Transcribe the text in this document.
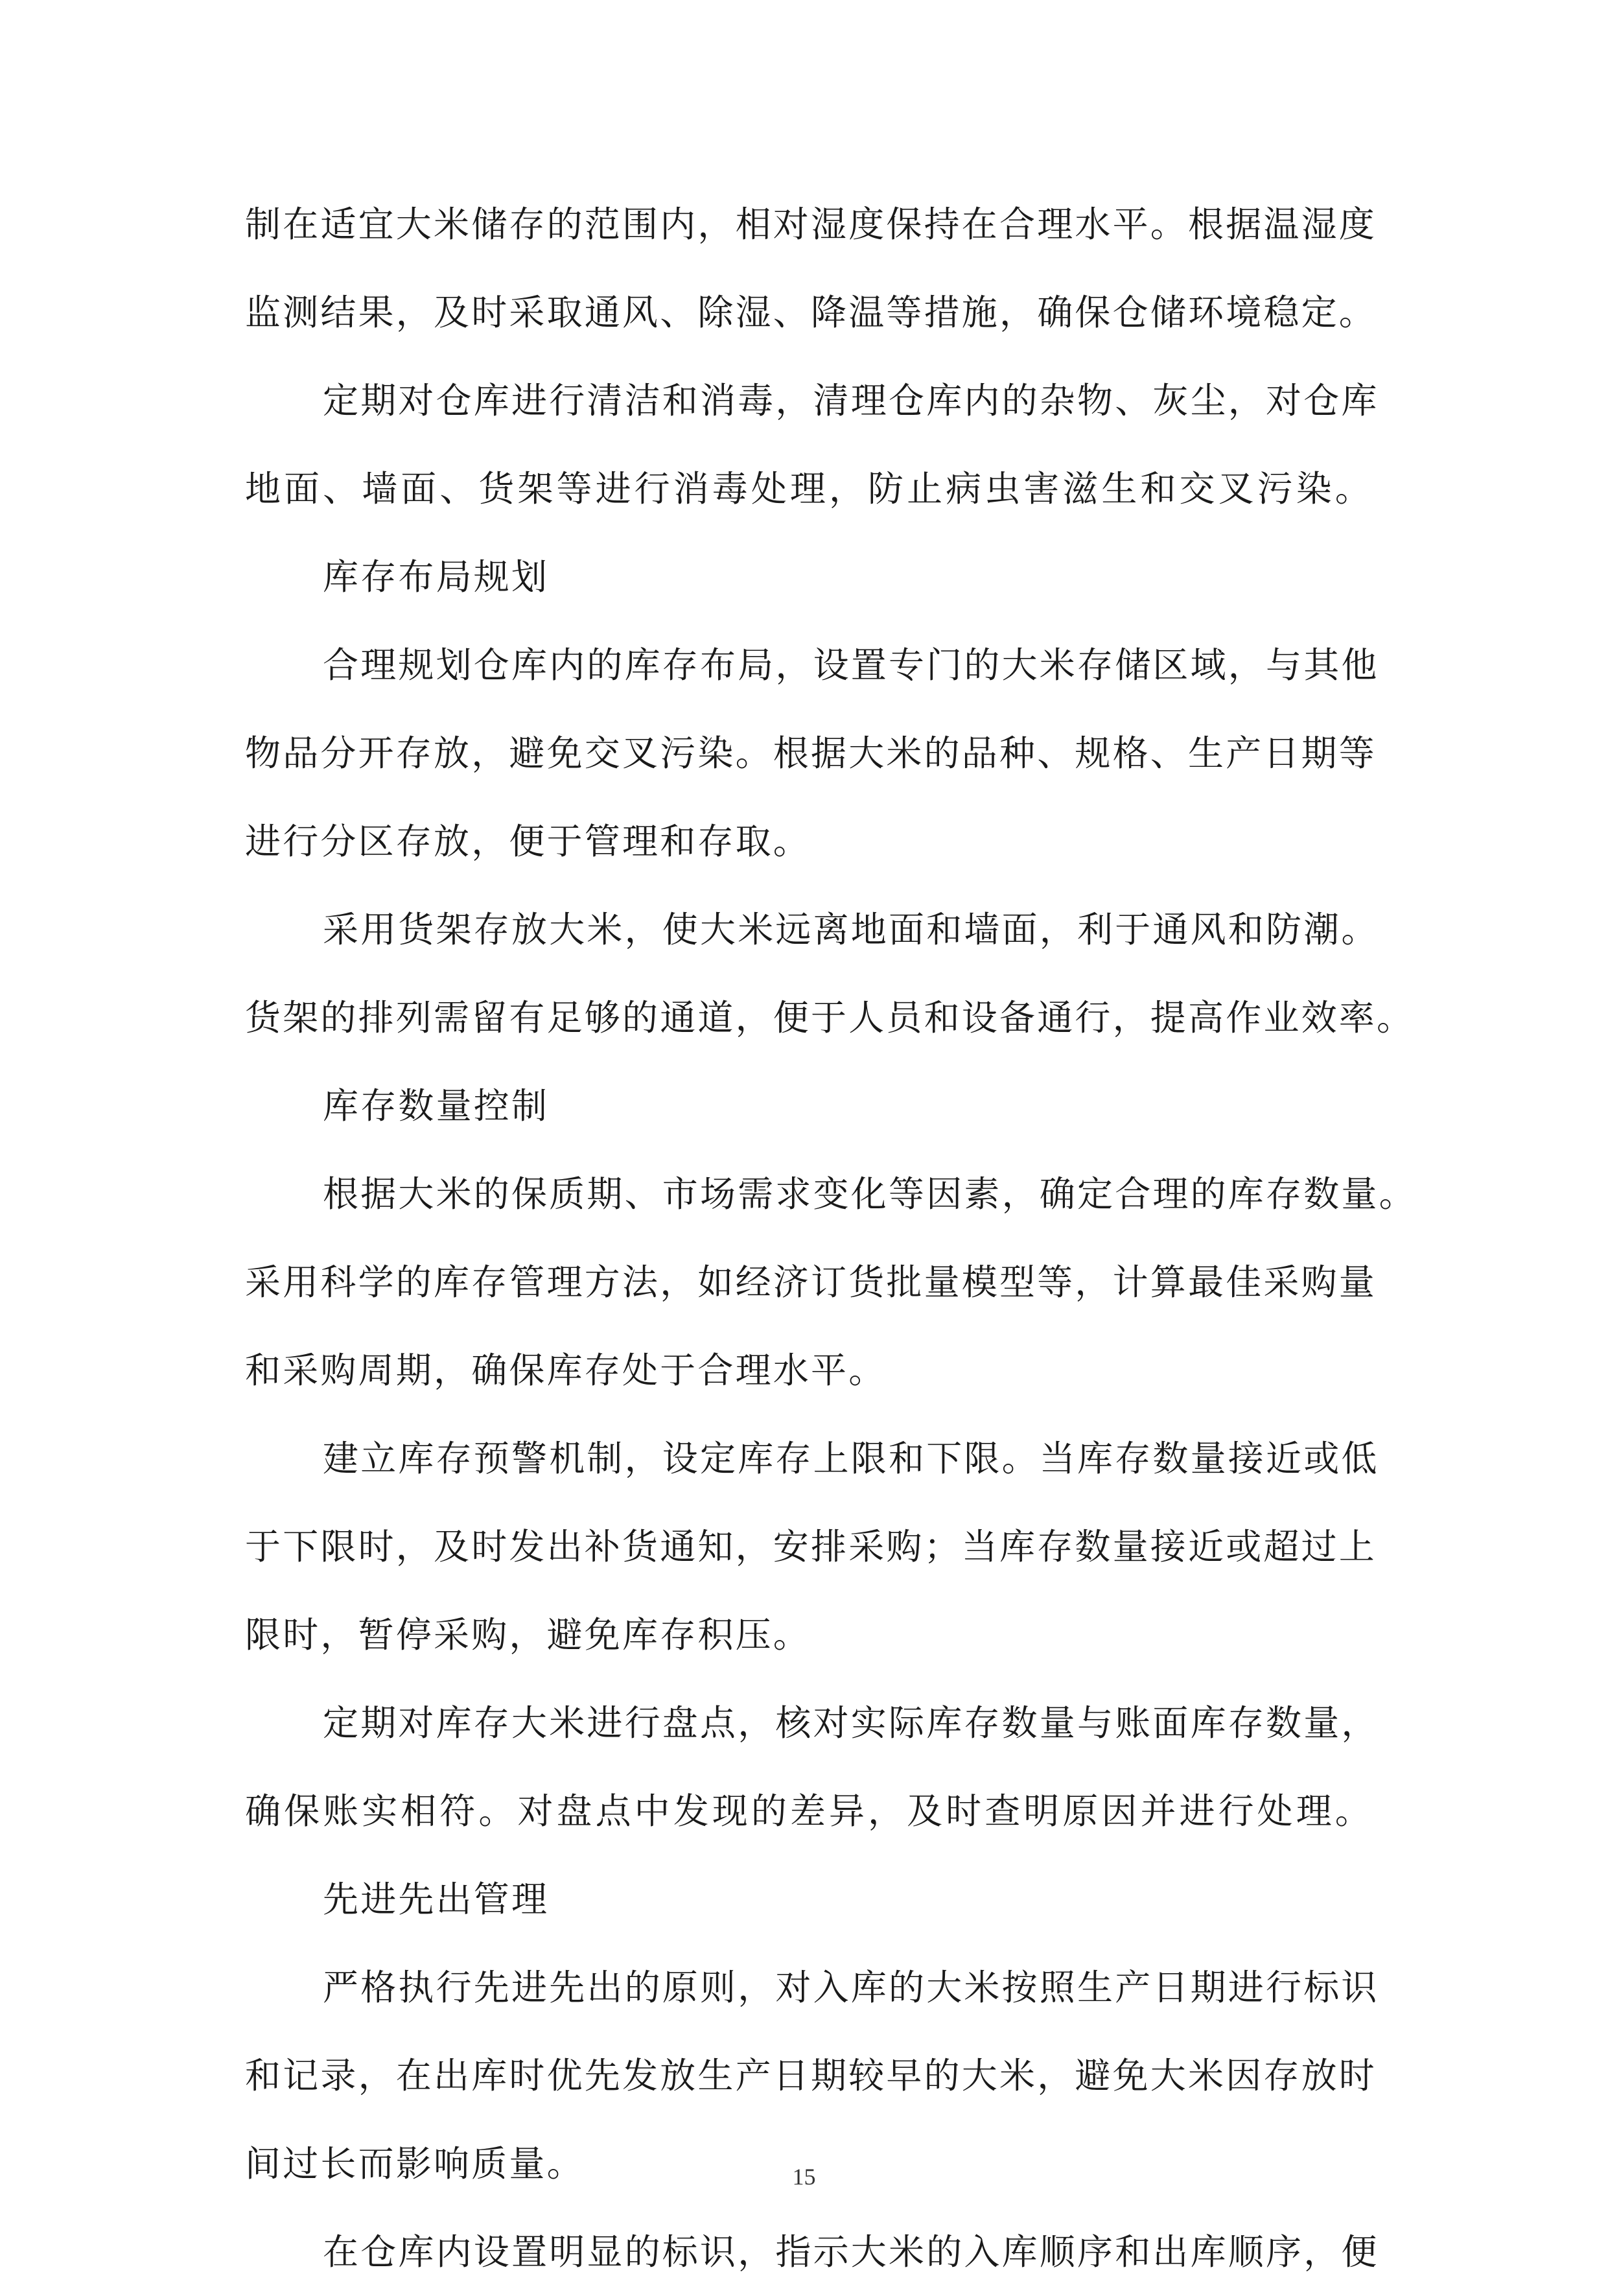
制在适宜大米储存的范围内，相对湿度保持在合理水平。根据温湿度

监测结果，及时采取通风、除湿、降温等措施，确保仓储环境稳定。

定期对仓库进行清洁和消毒，清理仓库内的杂物、灰尘，对仓库

地面、墙面、货架等进行消毒处理，防止病虫害滋生和交叉污染。

库存布局规划

合理规划仓库内的库存布局，设置专门的大米存储区域，与其他

物品分开存放，避免交叉污染。根据大米的品种、规格、生产日期等

进行分区存放，便于管理和存取。

采用货架存放大米，使大米远离地面和墙面，利于通风和防潮。

货架的排列需留有足够的通道，便于人员和设备通行，提高作业效率。

库存数量控制

根据大米的保质期、市场需求变化等因素，确定合理的库存数量。

采用科学的库存管理方法，如经济订货批量模型等，计算最佳采购量

和采购周期，确保库存处于合理水平。

建立库存预警机制，设定库存上限和下限。当库存数量接近或低

于下限时，及时发出补货通知，安排采购；当库存数量接近或超过上

限时，暂停采购，避免库存积压。

定期对库存大米进行盘点，核对实际库存数量与账面库存数量，

确保账实相符。对盘点中发现的差异，及时查明原因并进行处理。

先进先出管理

严格执行先进先出的原则，对入库的大米按照生产日期进行标识

和记录，在出库时优先发放生产日期较早的大米，避免大米因存放时

间过长而影响质量。

在仓库内设置明显的标识，指示大米的入库顺序和出库顺序，便

15
